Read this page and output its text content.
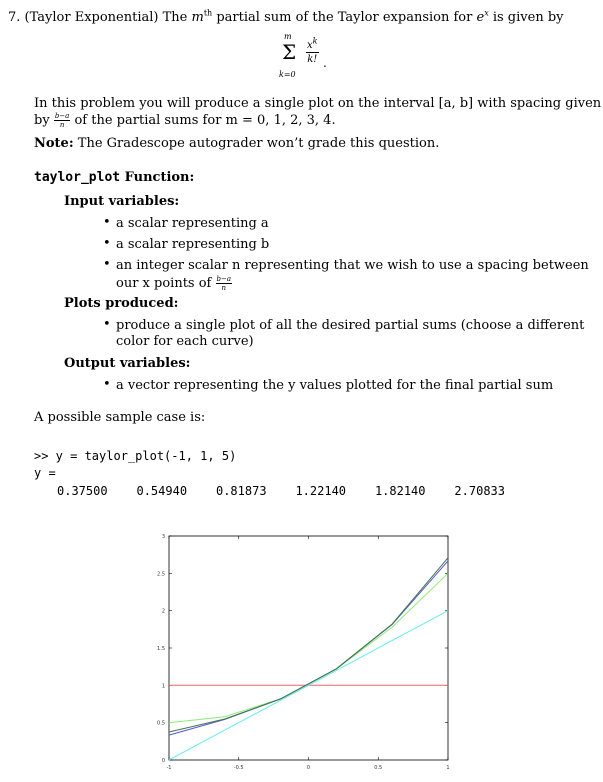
7. (Taylor Exponential) The $m^{th}$ partial sum of the Taylor expansion for $e^x$ is given by
m
Σ
k=0
$\frac{x^k}{k!}$ .
In this problem you will produce a single plot on the interval [a, b] with spacing given
by $\frac{b-a}{n}$ of the partial sums for m = 0, 1, 2, 3, 4.
Note: The Gradescope autograder won’t grade this question.
taylor_plot Function:
Input variables:
• a scalar representing a
• a scalar representing b
• an integer scalar n representing that we wish to use a spacing between
our x points of $\frac{b-a}{n}$
Plots produced:
• produce a single plot of all the desired partial sums (choose a different
color for each curve)
Output variables:
• a vector representing the y values plotted for the final partial sum
A possible sample case is:
>> y = taylor_plot(-1, 1, 5)
y =
0.37500 0.54940 0.81873 1.22140 1.82140 2.70833
-1	-0.5	0	0.5	1
0
0.5
1
1.5
2
2.5
3
